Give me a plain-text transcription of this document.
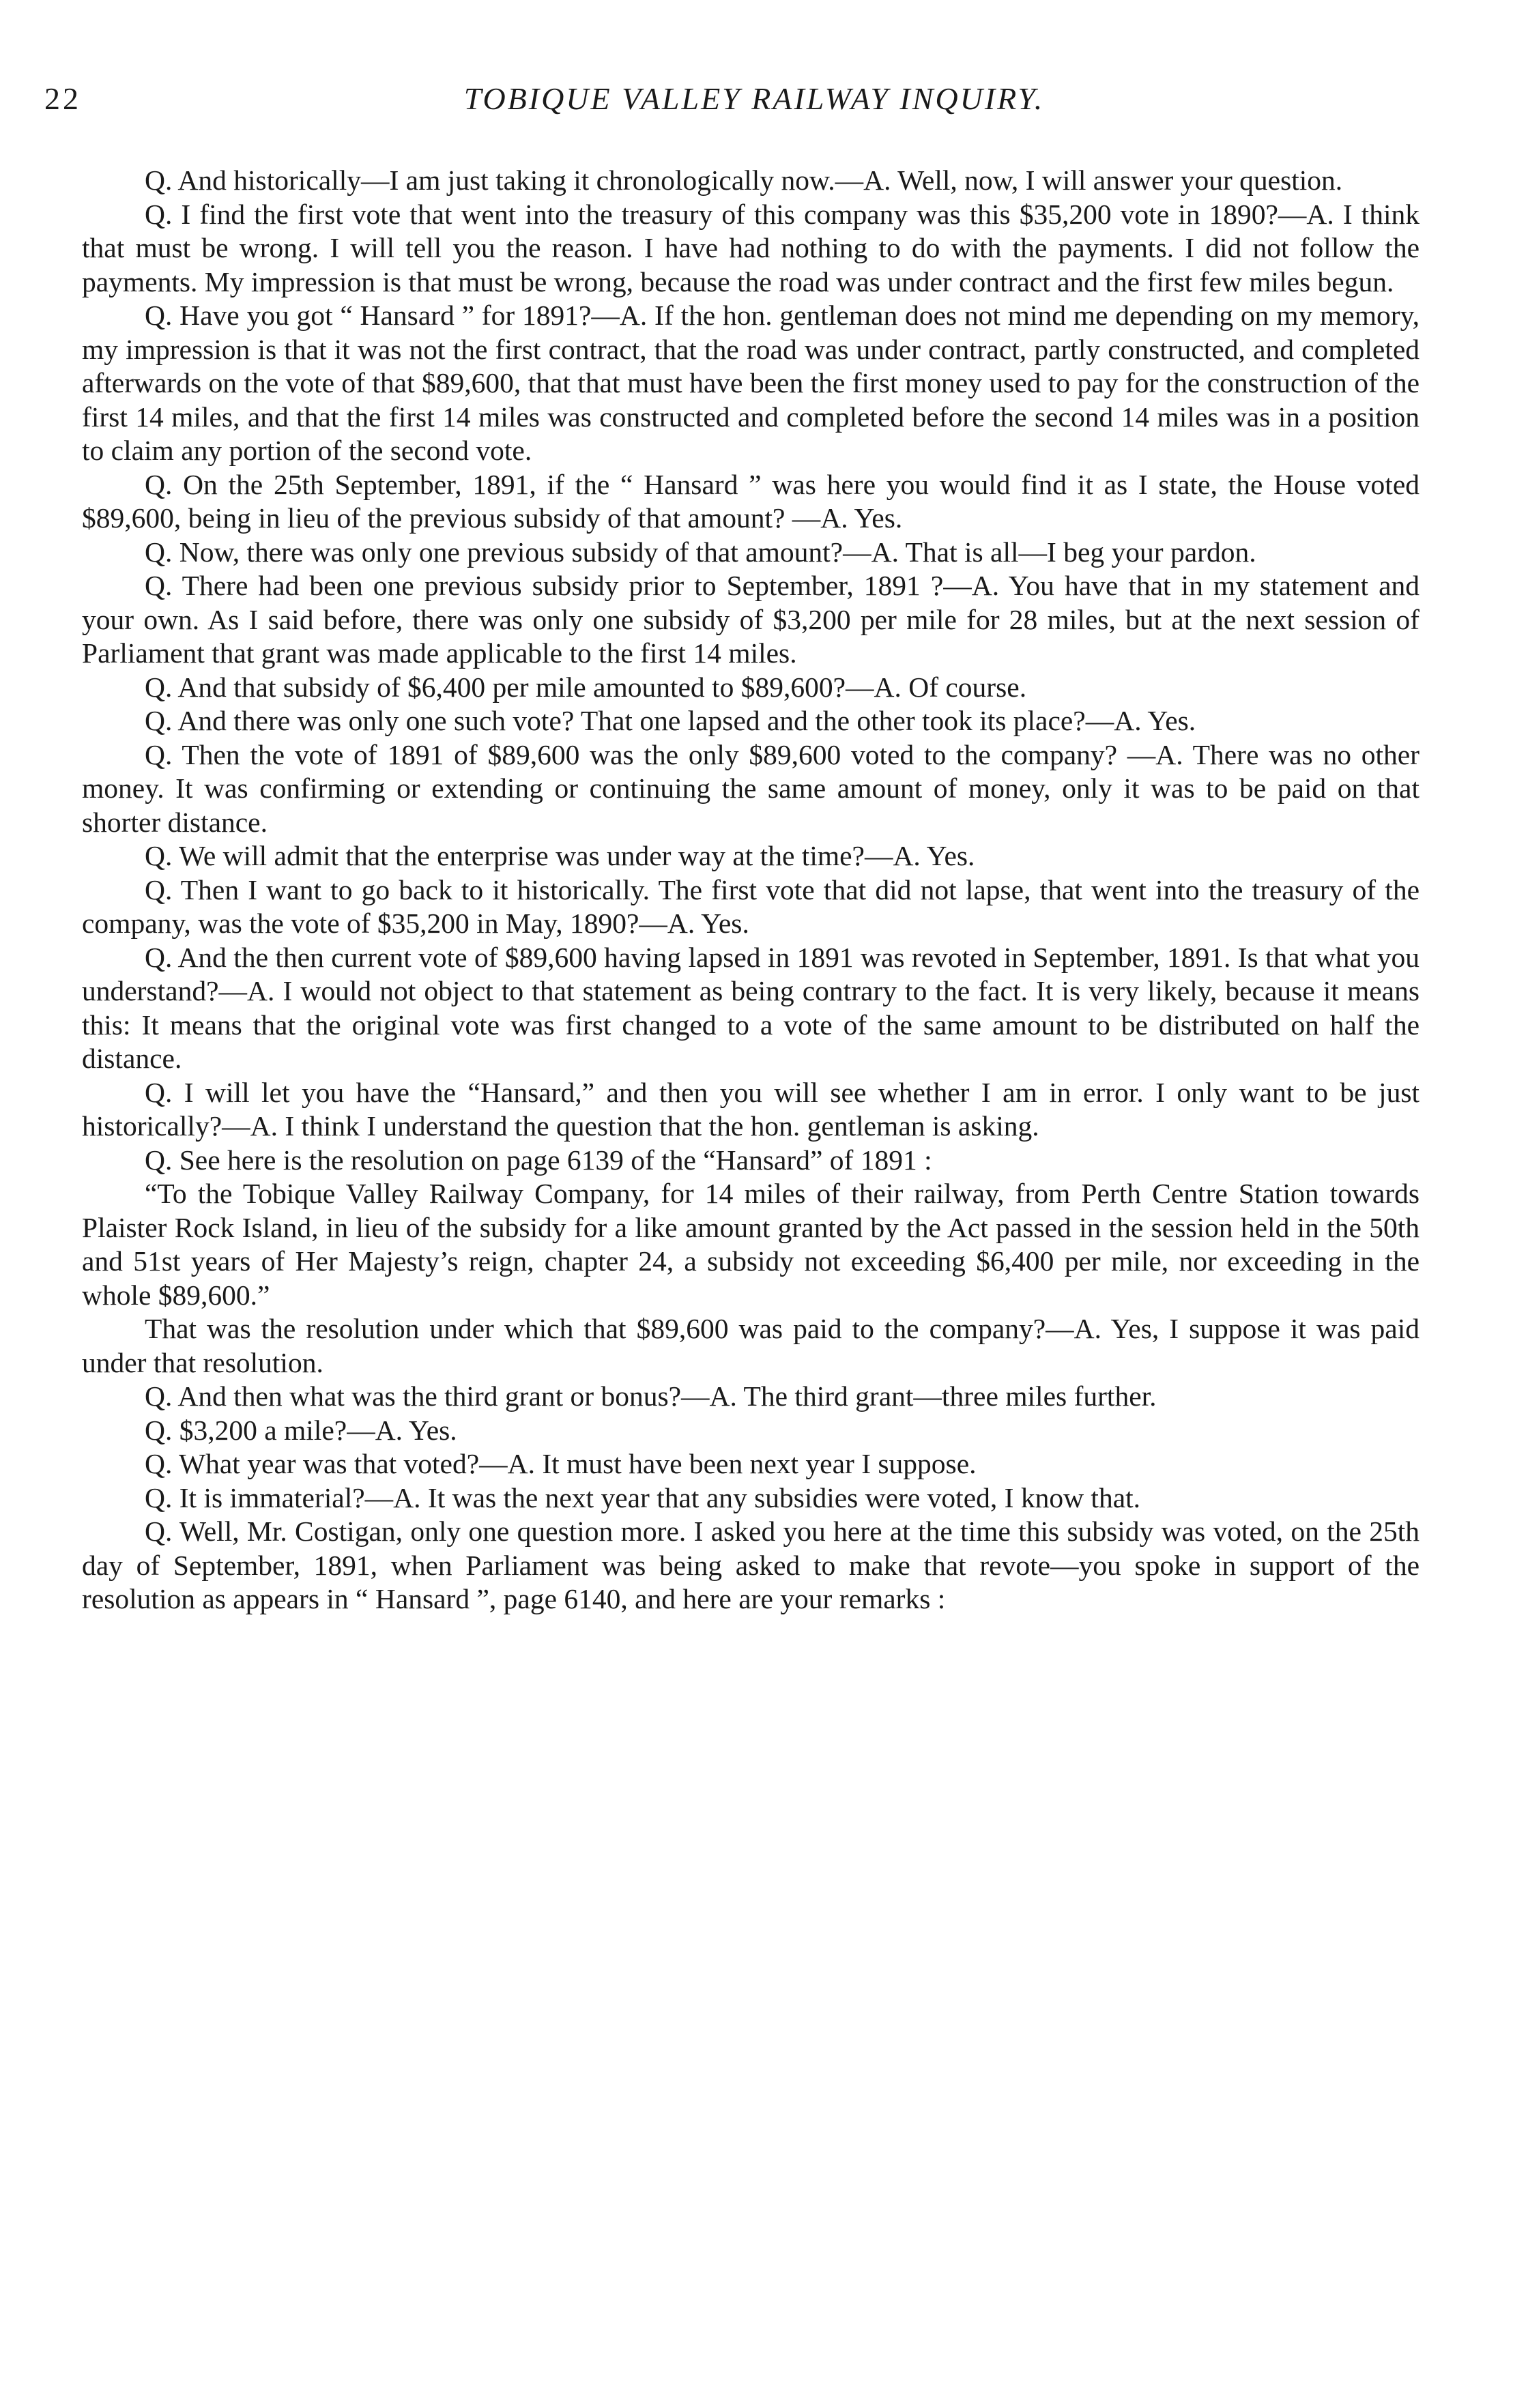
22	TOBIQUE VALLEY RAILWAY INQUIRY.

Q. And historically—I am just taking it chronologically now.—A. Well, now, I will answer your question.

Q. I find the first vote that went into the treasury of this company was this $35,200 vote in 1890?—A. I think that must be wrong. I will tell you the reason. I have had nothing to do with the payments. I did not follow the payments. My impression is that must be wrong, because the road was under contract and the first few miles begun.

Q. Have you got “ Hansard ” for 1891?—A. If the hon. gentleman does not mind me depending on my memory, my impression is that it was not the first contract, that the road was under contract, partly constructed, and completed afterwards on the vote of that $89,600, that that must have been the first money used to pay for the construction of the first 14 miles, and that the first 14 miles was constructed and completed before the second 14 miles was in a position to claim any portion of the second vote.

Q. On the 25th September, 1891, if the “ Hansard ” was here you would find it as I state, the House voted $89,600, being in lieu of the previous subsidy of that amount? —A. Yes.

Q. Now, there was only one previous subsidy of that amount?—A. That is all—I beg your pardon.

Q. There had been one previous subsidy prior to September, 1891 ?—A. You have that in my statement and your own. As I said before, there was only one subsidy of $3,200 per mile for 28 miles, but at the next session of Parliament that grant was made applicable to the first 14 miles.

Q. And that subsidy of $6,400 per mile amounted to $89,600?—A. Of course.

Q. And there was only one such vote? That one lapsed and the other took its place?—A. Yes.

Q. Then the vote of 1891 of $89,600 was the only $89,600 voted to the company? —A. There was no other money. It was confirming or extending or continuing the same amount of money, only it was to be paid on that shorter distance.

Q. We will admit that the enterprise was under way at the time?—A. Yes.

Q. Then I want to go back to it historically. The first vote that did not lapse, that went into the treasury of the company, was the vote of $35,200 in May, 1890?—A. Yes.

Q. And the then current vote of $89,600 having lapsed in 1891 was revoted in September, 1891. Is that what you understand?—A. I would not object to that statement as being contrary to the fact. It is very likely, because it means this: It means that the original vote was first changed to a vote of the same amount to be distributed on half the distance.

Q. I will let you have the “Hansard,” and then you will see whether I am in error. I only want to be just historically?—A. I think I understand the question that the hon. gentleman is asking.

Q. See here is the resolution on page 6139 of the “Hansard” of 1891 :

“To the Tobique Valley Railway Company, for 14 miles of their railway, from Perth Centre Station towards Plaister Rock Island, in lieu of the subsidy for a like amount granted by the Act passed in the session held in the 50th and 51st years of Her Majesty’s reign, chapter 24, a subsidy not exceeding $6,400 per mile, nor exceeding in the whole $89,600.”

That was the resolution under which that $89,600 was paid to the company?—A. Yes, I suppose it was paid under that resolution.

Q. And then what was the third grant or bonus?—A. The third grant—three miles further.

Q. $3,200 a mile?—A. Yes.

Q. What year was that voted?—A. It must have been next year I suppose.

Q. It is immaterial?—A. It was the next year that any subsidies were voted, I know that.

Q. Well, Mr. Costigan, only one question more. I asked you here at the time this subsidy was voted, on the 25th day of September, 1891, when Parliament was being asked to make that revote—you spoke in support of the resolution as appears in “ Hansard ”, page 6140, and here are your remarks :
